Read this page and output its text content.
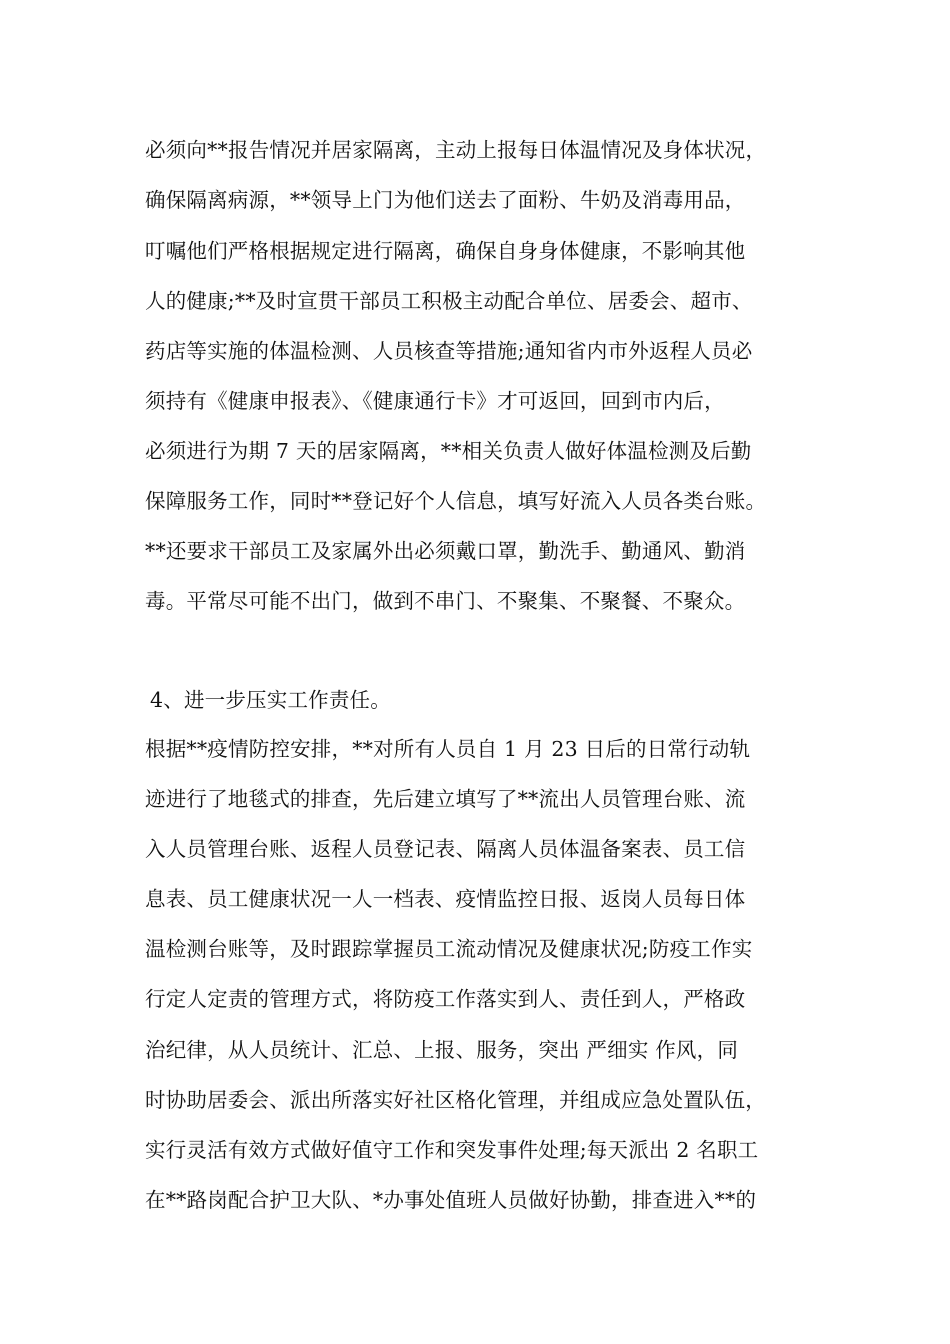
必须向**报告情况并居家隔离，主动上报每日体温情况及身体状况，
确保隔离病源，**领导上门为他们送去了面粉、牛奶及消毒用品，
叮嘱他们严格根据规定进行隔离，确保自身身体健康，不影响其他
人的健康;**及时宣贯干部员工积极主动配合单位、居委会、超市、
药店等实施的体温检测、人员核查等措施;通知省内市外返程人员必
须持有《健康申报表》、《健康通行卡》才可返回，回到市内后，
必须进行为期 7 天的居家隔离，**相关负责人做好体温检测及后勤
保障服务工作，同时**登记好个人信息，填写好流入人员各类台账。
**还要求干部员工及家属外出必须戴口罩，勤洗手、勤通风、勤消
毒。平常尽可能不出门，做到不串门、不聚集、不聚餐、不聚众。
4、进一步压实工作责任。
根据**疫情防控安排，**对所有人员自 1 月 23 日后的日常行动轨
迹进行了地毯式的排查，先后建立填写了**流出人员管理台账、流
入人员管理台账、返程人员登记表、隔离人员体温备案表、员工信
息表、员工健康状况一人一档表、疫情监控日报、返岗人员每日体
温检测台账等，及时跟踪掌握员工流动情况及健康状况;防疫工作实
行定人定责的管理方式，将防疫工作落实到人、责任到人，严格政
治纪律，从人员统计、汇总、上报、服务，突出 严细实 作风，同
时协助居委会、派出所落实好社区格化管理，并组成应急处置队伍，
实行灵活有效方式做好值守工作和突发事件处理;每天派出 2 名职工
在**路岗配合护卫大队、*办事处值班人员做好协勤，排查进入**的
